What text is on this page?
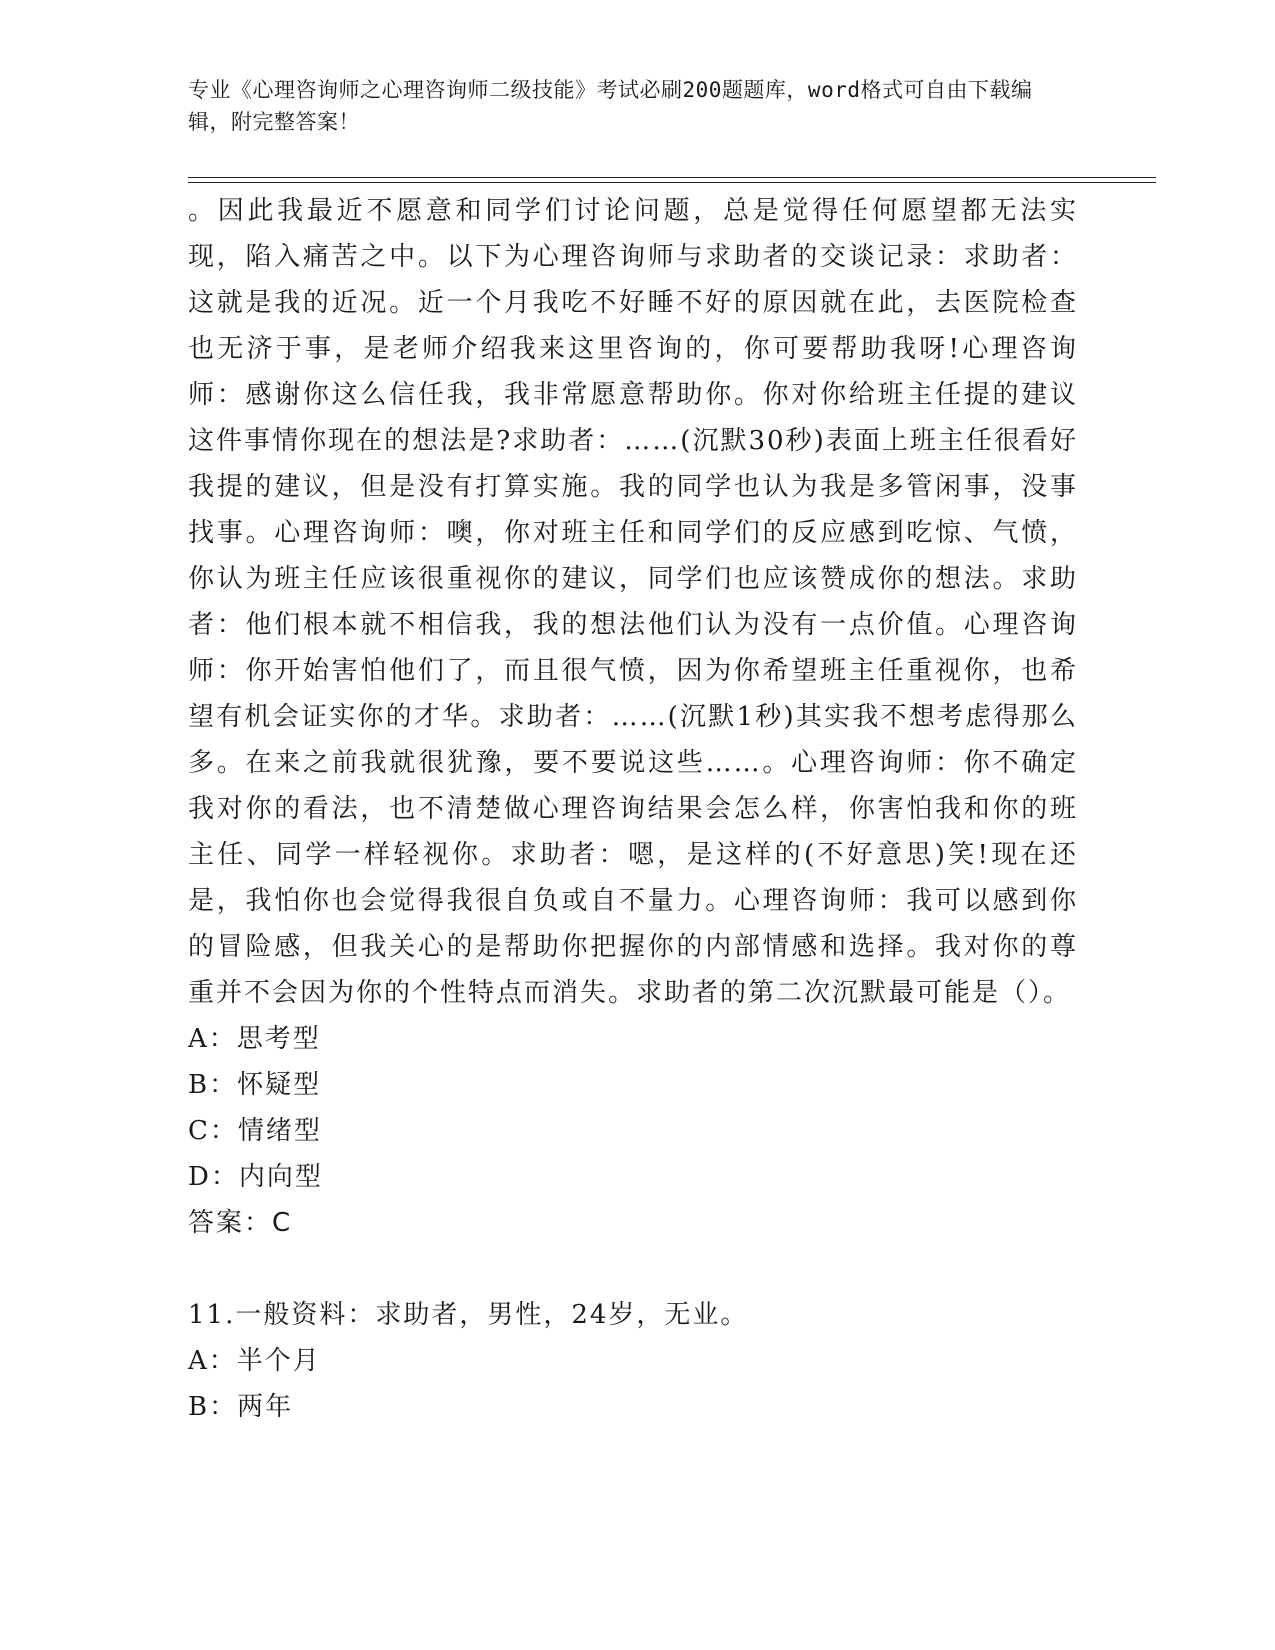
专业《心理咨询师之心理咨询师二级技能》考试必刷200题题库，word格式可自由下载编辑，附完整答案！

。因此我最近不愿意和同学们讨论问题，总是觉得任何愿望都无法实现，陷入痛苦之中。以下为心理咨询师与求助者的交谈记录：求助者：这就是我的近况。近一个月我吃不好睡不好的原因就在此，去医院检查也无济于事，是老师介绍我来这里咨询的，你可要帮助我呀!心理咨询师：感谢你这么信任我，我非常愿意帮助你。你对你给班主任提的建议这件事情你现在的想法是?求助者：……(沉默30秒)表面上班主任很看好我提的建议，但是没有打算实施。我的同学也认为我是多管闲事，没事找事。心理咨询师：噢，你对班主任和同学们的反应感到吃惊、气愤，你认为班主任应该很重视你的建议，同学们也应该赞成你的想法。求助者：他们根本就不相信我，我的想法他们认为没有一点价值。心理咨询师：你开始害怕他们了，而且很气愤，因为你希望班主任重视你，也希望有机会证实你的才华。求助者：……(沉默1秒)其实我不想考虑得那么多。在来之前我就很犹豫，要不要说这些……。心理咨询师：你不确定我对你的看法，也不清楚做心理咨询结果会怎么样，你害怕我和你的班主任、同学一样轻视你。求助者：嗯，是这样的(不好意思)笑!现在还是，我怕你也会觉得我很自负或自不量力。心理咨询师：我可以感到你的冒险感，但我关心的是帮助你把握你的内部情感和选择。我对你的尊重并不会因为你的个性特点而消失。求助者的第二次沉默最可能是（）。

A：思考型

B：怀疑型

C：情绪型

D：内向型

答案：C

11.一般资料：求助者，男性，24岁，无业。

A：半个月

B：两年
